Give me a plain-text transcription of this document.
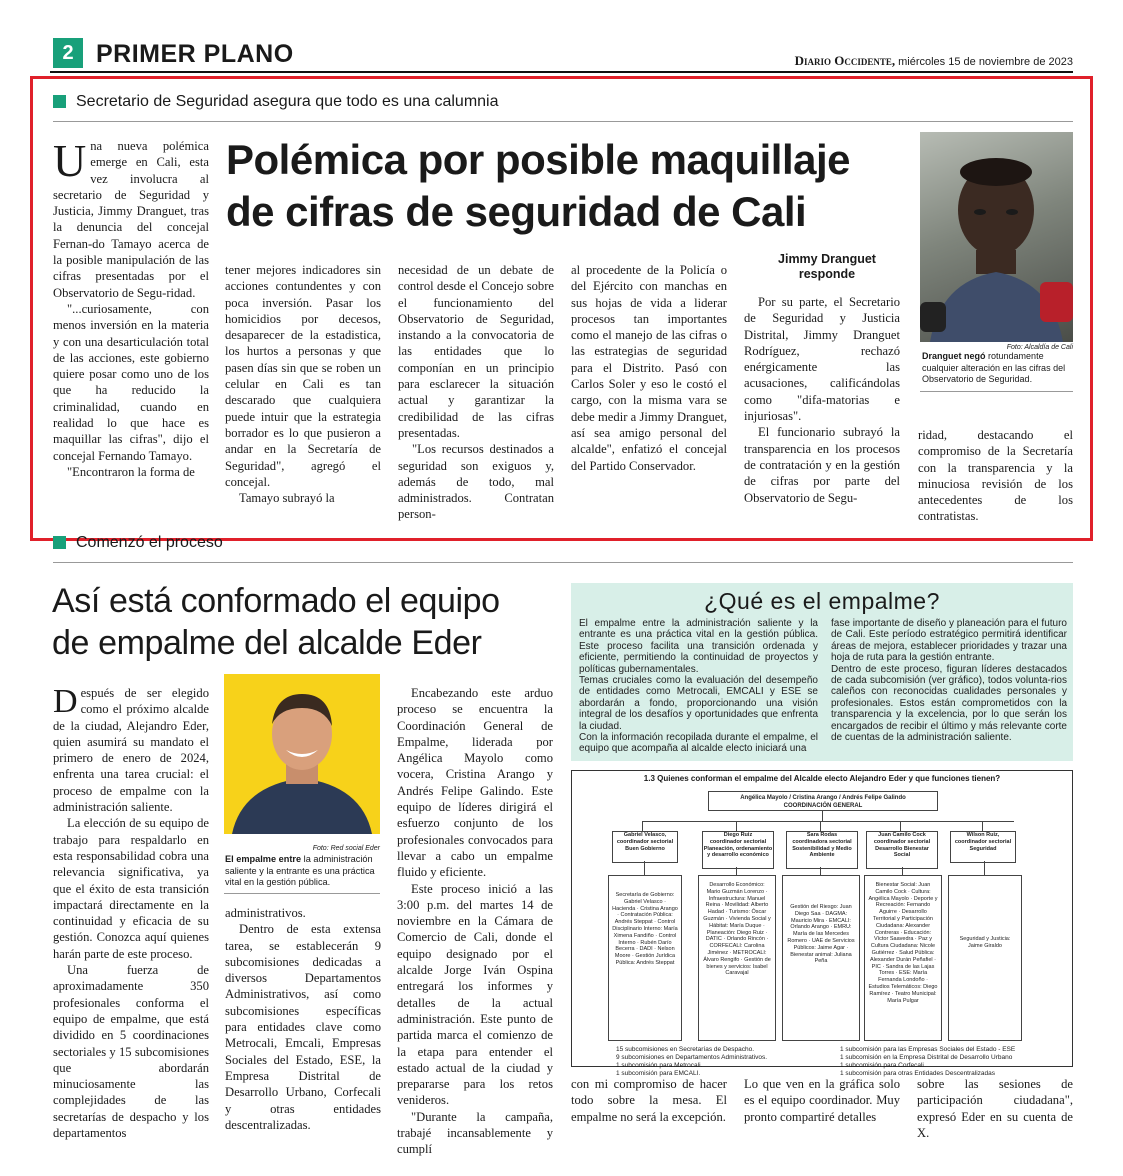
2 PRIMER PLANO	Diario Occidente, miércoles 15 de noviembre de 2023
Secretario de Seguridad asegura que todo es una calumnia
Polémica por posible maquillaje
de cifras de seguridad de Cali
U na nueva polémica emerge en Cali, esta vez involucra al secretario de Seguridad y Justicia, Jimmy Dranguet, tras la denuncia del concejal Fernan-do Tamayo acerca de la posible manipulación de las cifras presentadas por el Observatorio de Segu-ridad.

"...curiosamente, con menos inversión en la materia y con una desarticulación total de las acciones, este gobierno quiere posar como uno de los que ha reducido la criminalidad, cuando en realidad lo que hace es maquillar las cifras", dijo el concejal Fernando Tamayo.

"Encontraron la forma de

tener mejores indicadores sin acciones contundentes y con poca inversión. Pasar los homicidios por decesos, desaparecer de la estadistica, los hurtos a personas y que pasen días sin que se roben un celular en Cali es tan descarado que cualquiera puede intuir que la estrategia borrador es lo que pusieron a andar en la Secretaría de Seguridad", agregó el concejal.

Tamayo subrayó la

necesidad de un debate de control desde el Concejo sobre el funcionamiento del Observatorio de Seguridad, instando a la convocatoria de las entidades que lo componían en un principio para esclarecer la situación actual y garantizar la credibilidad de las cifras presentadas.

"Los recursos destinados a seguridad son exiguos y, además de todo, mal administrados. Contratan person-

al procedente de la Policía o del Ejército con manchas en sus hojas de vida a liderar procesos tan importantes como el manejo de las cifras o las estrategias de seguridad para el Distrito. Pasó con Carlos Soler y eso le costó el cargo, con la misma vara se debe medir a Jimmy Dranguet, así sea amigo personal del alcalde", enfatizó el concejal del Partido Conservador.

Jimmy Dranguet responde

Por su parte, el Secretario de Seguridad y Justicia Distrital, Jimmy Dranguet Rodríguez, rechazó enérgicamente las acusaciones, calificándolas como "difa-matorias e injuriosas".

El funcionario subrayó la transparencia en los procesos de contratación y en la gestión de cifras por parte del Observatorio de Segu-

Foto: Alcaldía de Cali
Dranguet negó rotundamente cualquier alteración en las cifras del Observatorio de Seguridad.

ridad, destacando el compromiso de la Secretaría con la transparencia y la minuciosa revisión de los antecedentes de los contratistas.

Comenzó el proceso
Así está conformado el equipo
de empalme del alcalde Eder
D espués de ser elegido como el próximo alcalde de la ciudad, Alejandro Eder, quien asumirá su mandato el primero de enero de 2024, enfrenta una tarea crucial: el proceso de empalme con la administración saliente.

La elección de su equipo de trabajo para respaldarlo en esta responsabilidad cobra una relevancia significativa, ya que el éxito de esta transición impactará directamente en la continuidad y eficacia de su gestión. Conozca aquí quienes harán parte de este proceso.

Una fuerza de aproximadamente 350 profesionales conforma el equipo de empalme, que está dividido en 5 coordinaciones sectoriales y 15 subcomisiones que abordarán minuciosamente las complejidades de las secretarías de despacho y los departamentos

Foto: Red social Eder
El empalme entre la administración saliente y la entrante es una práctica vital en la gestión pública.

administrativos.

Dentro de esta extensa tarea, se establecerán 9 subcomisiones dedicadas a diversos Departamentos Administrativos, así como subcomisiones específicas para entidades clave como Metrocali, Emcali, Empresas Sociales del Estado, ESE, la Empresa Distrital de Desarrollo Urbano, Corfecali y otras entidades descentralizadas.

Encabezando este arduo proceso se encuentra la Coordinación General de Empalme, liderada por Angélica Mayolo como vocera, Cristina Arango y Andrés Felipe Galindo. Este equipo de líderes dirigirá el esfuerzo conjunto de los profesionales convocados para llevar a cabo un empalme fluido y eficiente.

Este proceso inició a las 3:00 p.m. del martes 14 de noviembre en la Cámara de Comercio de Cali, donde el equipo designado por el alcalde Jorge Iván Ospina entregará los informes y detalles de la actual administración. Este punto de partida marca el comienzo de la etapa para entender el estado actual de la ciudad y prepararse para los retos venideros.

"Durante la campaña, trabajé incansablemente y cumplí

¿Qué es el empalme?

El empalme entre la administración saliente y la entrante es una práctica vital en la gestión pública. Este proceso facilita una transición ordenada y eficiente, permitiendo la continuidad de proyectos y políticas gubernamentales.

Temas cruciales como la evaluación del desempeño de entidades como Metrocali, EMCALI y ESE se abordarán a fondo, proporcionando una visión integral de los desafíos y oportunidades que enfrenta la ciudad.

Con la información recopilada durante el empalme, el equipo que acompaña al alcalde electo iniciará una

fase importante de diseño y planeación para el futuro de Cali. Este período estratégico permitirá identificar áreas de mejora, establecer prioridades y trazar una hoja de ruta para la gestión entrante.

Dentro de este proceso, figuran líderes destacados de cada subcomisión (ver gráfico), todos volunta-rios caleños con reconocidas cualidades personales y profesionales. Estos están comprometidos con la transparencia y la excelencia, por lo que serán los encargados de recibir el último y más relevante corte de cuentas de la administración saliente.

1.3 Quienes conforman el empalme del Alcalde electo Alejandro Eder y que funciones tienen?
Angélica Mayolo / Cristina Arango / Andrés Felipe Galindo
COORDINACIÓN GENERAL
Gabriel Velasco,
coordinador sectorial Buen Gobierno
Diego Ruiz
coordinador sectorial Planeación, ordenamiento y desarrollo económico
Sara Rodas
coordinadora sectorial Sostenibilidad y Medio Ambiente
Juan Camilo Cock
coordinador sectorial Desarrollo Bienestar Social
Wilson Ruiz,
coordinador sectorial Seguridad
Secretaría de Gobierno: Gabriel Velasco · Hacienda · Cristina Arango · Contratación Pública: Andrés Steppat · Control Disciplinario Interno: María Ximena Fandiño · Control Interno · Rubén Darío Becerra · DADI · Nelson Moore · Gestión Jurídica Pública: Andrés Steppat
Desarrollo Económico: Mario Guzmán Lorenzo · Infraestructura: Manuel Reina · Movilidad: Alberto Hadad · Turismo: Óscar Guzmán · Vivienda Social y Hábitat: María Duque · Planeación: Diego Ruiz · DATIC · Orlando Rincón · CORFECALI: Carolina Jiménez · METROCALI: Álvaro Rengifo · Gestión de bienes y servicios: Isabel Caravajal
Gestión del Riesgo: Juan Diego Saa · DAGMA: Mauricio Mira · EMCALI: Orlando Arango · EMRU: María de las Mercedes Romero · UAE de Servicios Públicos: Jaime Agar · Bienestar animal: Juliana Peña
Bienestar Social: Juan Camilo Cock · Cultura: Angélica Mayolo · Deporte y Recreación: Fernando Aguirre · Desarrollo Territorial y Participación Ciudadana: Alexander Contreras · Educación: Víctor Saavedra · Paz y Cultura Ciudadana: Nicole Gutiérrez · Salud Pública: Alexander Durán Peñafiel · PIC · Sandra de las Lajas Torres · ESE: María Fernanda Londoño · Estudios Telemáticos: Diego Ramírez · Teatro Municipal: María Pulgar
Seguridad y Justicia: Jaime Giraldo
15 subcomisiones en Secretarías de Despacho.
9 subcomisiones en Departamentos Administrativos.
1 subcomisión para Metrocali.
1 subcomisión para EMCALI.
1 subcomisión para las Empresas Sociales del Estado - ESE
1 subcomisión en la Empresa Distrital de Desarrollo Urbano
1 subcomisión para Corfecali
1 subcomisión para otras Entidades Descentralizadas

con mi compromiso de hacer todo sobre la mesa. El empalme no será la excepción.

Lo que ven en la gráfica solo es el equipo coordinador. Muy pronto compartiré detalles

sobre las sesiones de participación ciudadana", expresó Eder en su cuenta de X.
